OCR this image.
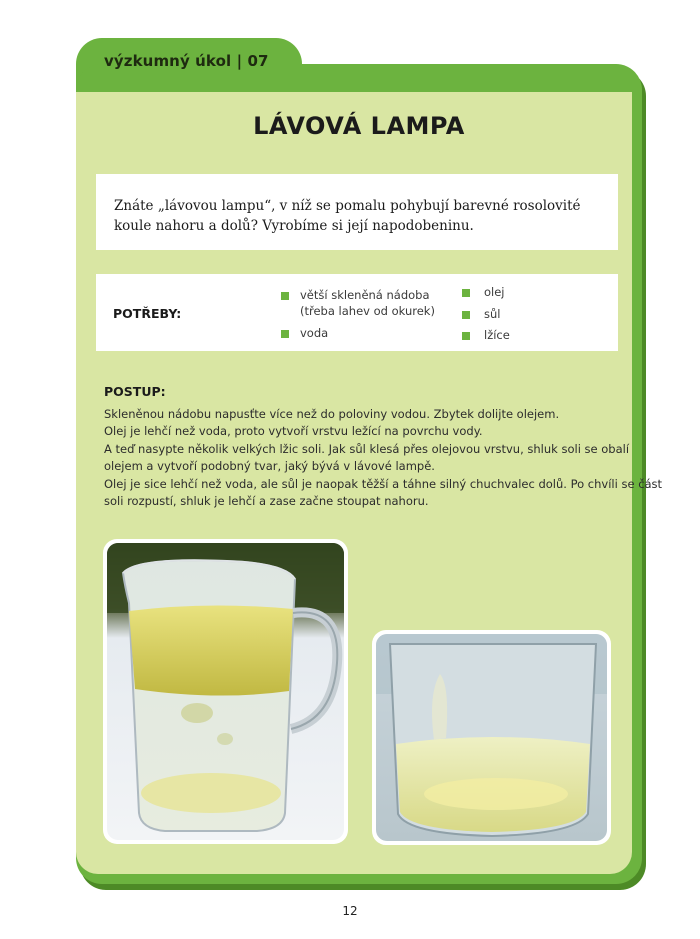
výzkumný úkol | 07
LÁVOVÁ LAMPA

Znáte „lávovou lampu“, v níž se pomalu pohybují barevné rosolovité koule nahoru a dolů? Vyrobíme si její napodobeninu.

POTŘEBY:
větší skleněná nádoba
(třeba lahev od okurek)
voda
olej
sůl
lžíce
POSTUP:
Skleněnou nádobu napusťte více než do poloviny vodou. Zbytek dolijte olejem.
Olej je lehčí než voda, proto vytvoří vrstvu ležící na povrchu vody.
A teď nasypte několik velkých lžic soli. Jak sůl klesá přes olejovou vrstvu, shluk soli se obalí
olejem a vytvoří podobný tvar, jaký bývá v lávové lampě.
Olej je sice lehčí než voda, ale sůl je naopak těžší a táhne silný chuchvalec dolů. Po chvíli se část
soli rozpustí, shluk je lehčí a zase začne stoupat nahoru.
12
